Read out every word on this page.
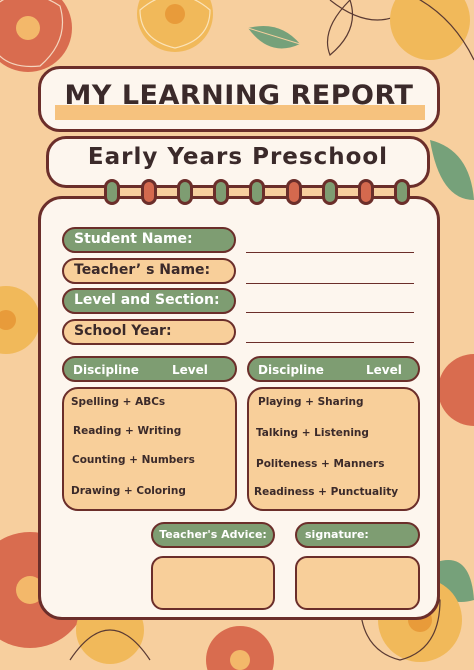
MY LEARNING REPORT
Early Years Preschool
Student Name:
Teacher’ s Name:
Level and Section:
School Year:
Discipline	Level
Spelling + ABCs
Reading + Writing
Counting + Numbers
Drawing + Coloring
Discipline	Level
Playing + Sharing
Talking + Listening
Politeness + Manners
Readiness + Punctuality
Teacher's Advice:	signature:
